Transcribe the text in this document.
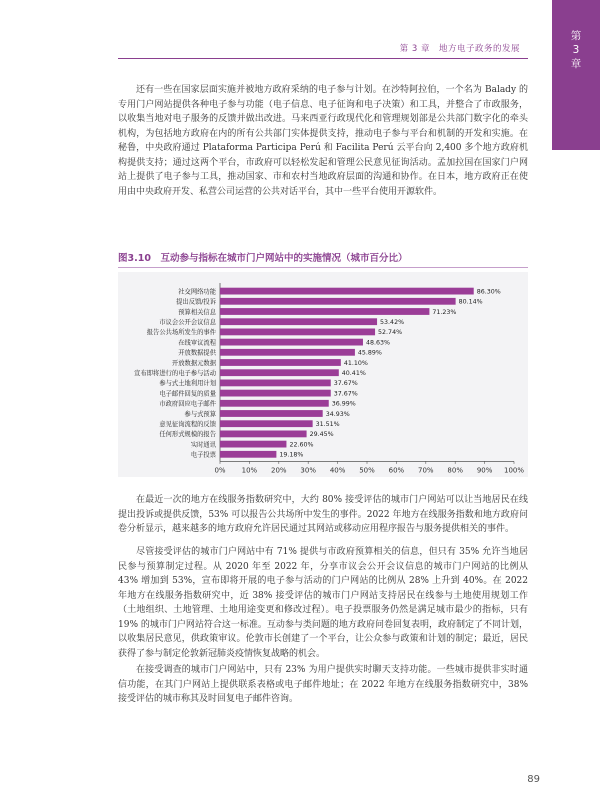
第 3 章　地方电子政务的发展
第
3
章

还有一些在国家层面实施并被地方政府采纳的电子参与计划。在沙特阿拉伯，一个名为 Balady 的专用门户网站提供各种电子参与功能（电子信息、电子征询和电子决策）和工具，并整合了市政服务，以收集当地对电子服务的反馈并做出改进。马来西亚行政现代化和管理规划部是公共部门数字化的牵头机构，为包括地方政府在内的所有公共部门实体提供支持，推动电子参与平台和机制的开发和实施。在秘鲁，中央政府通过 Plataforma Participa Perú 和 Facilita Perú 云平台向 2,400 多个地方政府机构提供支持；通过这两个平台，市政府可以轻松发起和管理公民意见征询活动。孟加拉国在国家门户网站上提供了电子参与工具，推动国家、市和农村当地政府层面的沟通和协作。在日本，地方政府正在使用由中央政府开发、私营公司运营的公共对话平台，其中一些平台使用开源软件。

图3.10　互动参与指标在城市门户网站中的实施情况（城市百分比）
社交网络功能	86.30%
提出反馈/投诉	80.14%
预算相关信息	71.23%
市议会公开会议信息	53.42%
报告公共场所发生的事件	52.74%
在线审议流程	48.63%
开放数据提供	45.89%
开放数据元数据	41.10%
宣布即将进行的电子参与活动	40.41%
参与式土地利用计划	37.67%
电子邮件回复的质量	37.67%
市政府回应电子邮件	36.99%
参与式预算	34.93%
意见征询流程的反馈	31.51%
任何形式规模的报告	29.45%
实时通讯	22.60%
电子投票	19.18%
0% 10% 20% 30% 40% 50% 60% 70% 80% 90% 100%

在最近一次的地方在线服务指数研究中，大约 80% 接受评估的城市门户网站可以让当地居民在线提出投诉或提供反馈，53% 可以报告公共场所中发生的事件。2022 年地方在线服务指数和地方政府问卷分析显示，越来越多的地方政府允许居民通过其网站或移动应用程序报告与服务提供相关的事件。

尽管接受评估的城市门户网站中有 71% 提供与市政府预算相关的信息，但只有 35% 允许当地居民参与预算制定过程。从 2020 年至 2022 年，分享市议会公开会议信息的城市门户网站的比例从 43% 增加到 53%，宣布即将开展的电子参与活动的门户网站的比例从 28% 上升到 40%。在 2022 年地方在线服务指数研究中，近 38% 接受评估的城市门户网站支持居民在线参与土地使用规划工作（土地组织、土地管理、土地用途变更和修改过程）。电子投票服务仍然是满足城市最少的指标，只有 19% 的城市门户网站符合这一标准。互动参与类问题的地方政府问卷回复表明，政府制定了不同计划，以收集居民意见，供政策审议。伦敦市长创建了一个平台，让公众参与政策和计划的制定；最近，居民获得了参与制定伦敦新冠肺炎疫情恢复战略的机会。

在接受调查的城市门户网站中，只有 23% 为用户提供实时聊天支持功能。一些城市提供非实时通信功能，在其门户网站上提供联系表格或电子邮件地址；在 2022 年地方在线服务指数研究中，38% 接受评估的城市称其及时回复电子邮件咨询。

89
